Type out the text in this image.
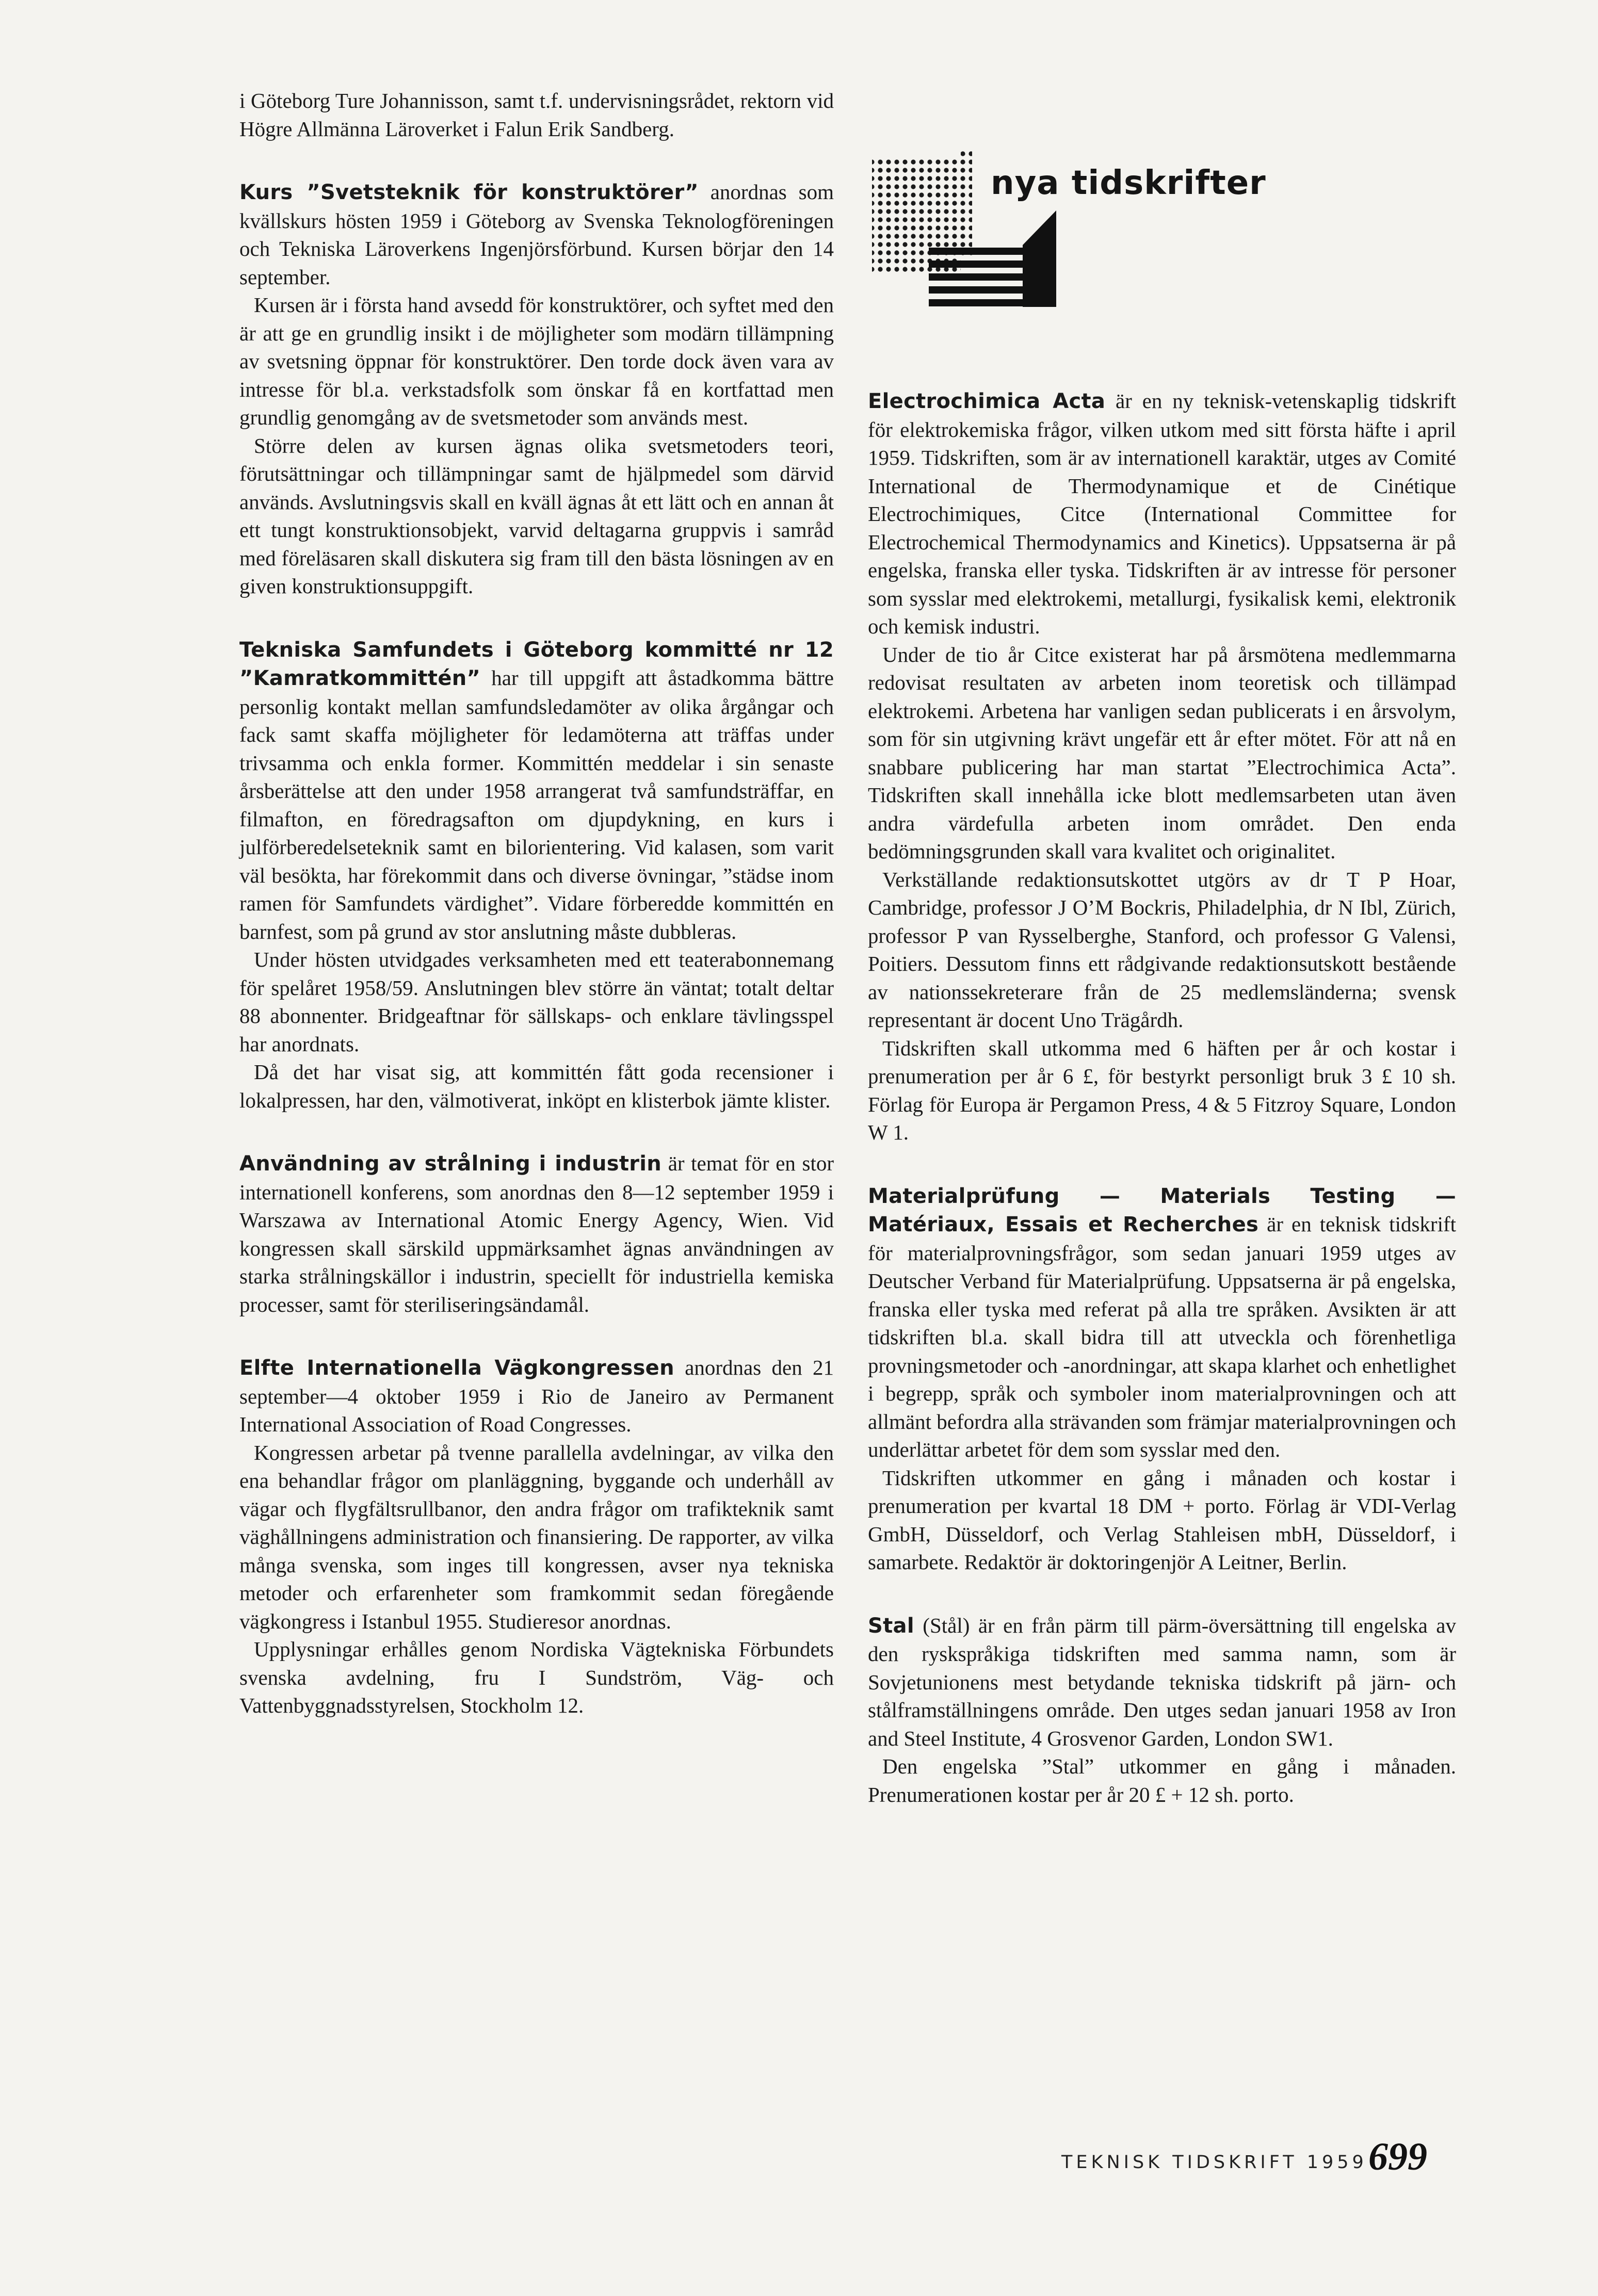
i Göteborg Ture Johannisson, samt t.f. undervisningsrådet, rektorn vid Högre Allmänna Läroverket i Falun Erik Sandberg.

Kurs ”Svetsteknik för konstruktörer” anordnas som kvällskurs hösten 1959 i Göteborg av Svenska Teknologföreningen och Tekniska Läroverkens Ingenjörsförbund. Kursen börjar den 14 september.

Kursen är i första hand avsedd för konstruktörer, och syftet med den är att ge en grundlig insikt i de möjligheter som modärn tillämpning av svetsning öppnar för konstruktörer. Den torde dock även vara av intresse för bl.a. verkstadsfolk som önskar få en kortfattad men grundlig genomgång av de svetsmetoder som används mest.

Större delen av kursen ägnas olika svetsmetoders teori, förutsättningar och tillämpningar samt de hjälpmedel som därvid används. Avslutningsvis skall en kväll ägnas åt ett lätt och en annan åt ett tungt konstruktionsobjekt, varvid deltagarna gruppvis i samråd med föreläsaren skall diskutera sig fram till den bästa lösningen av en given konstruktionsuppgift.

Tekniska Samfundets i Göteborg kommitté nr 12 ”Kamratkommittén” har till uppgift att åstadkomma bättre personlig kontakt mellan samfundsledamöter av olika årgångar och fack samt skaffa möjligheter för ledamöterna att träffas under trivsamma och enkla former. Kommittén meddelar i sin senaste årsberättelse att den under 1958 arrangerat två samfundsträffar, en filmafton, en föredragsafton om djupdykning, en kurs i julförberedelseteknik samt en bilorientering. Vid kalasen, som varit väl besökta, har förekommit dans och diverse övningar, ”städse inom ramen för Samfundets värdighet”. Vidare förberedde kommittén en barnfest, som på grund av stor anslutning måste dubbleras.

Under hösten utvidgades verksamheten med ett teaterabonnemang för spelåret 1958/59. Anslutningen blev större än väntat; totalt deltar 88 abonnenter. Bridgeaftnar för sällskaps- och enklare tävlingsspel har anordnats.

Då det har visat sig, att kommittén fått goda recensioner i lokalpressen, har den, välmotiverat, inköpt en klisterbok jämte klister.

Användning av strålning i industrin är temat för en stor internationell konferens, som anordnas den 8—12 september 1959 i Warszawa av International Atomic Energy Agency, Wien. Vid kongressen skall särskild uppmärksamhet ägnas användningen av starka strålningskällor i industrin, speciellt för industriella kemiska processer, samt för steriliseringsändamål.

Elfte Internationella Vägkongressen anordnas den 21 september—4 oktober 1959 i Rio de Janeiro av Permanent International Association of Road Congresses.

Kongressen arbetar på tvenne parallella avdelningar, av vilka den ena behandlar frågor om planläggning, byggande och underhåll av vägar och flygfältsrullbanor, den andra frågor om trafikteknik samt väghållningens administration och finansiering. De rapporter, av vilka många svenska, som inges till kongressen, avser nya tekniska metoder och erfarenheter som framkommit sedan föregående vägkongress i Istanbul 1955. Studieresor anordnas.

Upplysningar erhålles genom Nordiska Vägtekniska Förbundets svenska avdelning, fru I Sundström, Väg- och Vattenbyggnadsstyrelsen, Stockholm 12.

nya tidskrifter

Electrochimica Acta är en ny teknisk-vetenskaplig tidskrift för elektrokemiska frågor, vilken utkom med sitt första häfte i april 1959. Tidskriften, som är av internationell karaktär, utges av Comité International de Thermodynamique et de Cinétique Electrochimiques, Citce (International Committee for Electrochemical Thermodynamics and Kinetics). Uppsatserna är på engelska, franska eller tyska. Tidskriften är av intresse för personer som sysslar med elektrokemi, metallurgi, fysikalisk kemi, elektronik och kemisk industri.

Under de tio år Citce existerat har på årsmötena medlemmarna redovisat resultaten av arbeten inom teoretisk och tillämpad elektrokemi. Arbetena har vanligen sedan publicerats i en årsvolym, som för sin utgivning krävt ungefär ett år efter mötet. För att nå en snabbare publicering har man startat ”Electrochimica Acta”. Tidskriften skall innehålla icke blott medlemsarbeten utan även andra värdefulla arbeten inom området. Den enda bedömningsgrunden skall vara kvalitet och originalitet.

Verkställande redaktionsutskottet utgörs av dr T P Hoar, Cambridge, professor J O’M Bockris, Philadelphia, dr N Ibl, Zürich, professor P van Rysselberghe, Stanford, och professor G Valensi, Poitiers. Dessutom finns ett rådgivande redaktionsutskott bestående av nationssekreterare från de 25 medlemsländerna; svensk representant är docent Uno Trägårdh.

Tidskriften skall utkomma med 6 häften per år och kostar i prenumeration per år 6 £, för bestyrkt personligt bruk 3 £ 10 sh. Förlag för Europa är Pergamon Press, 4 & 5 Fitzroy Square, London W 1.

Materialprüfung — Materials Testing — Matériaux, Essais et Recherches är en teknisk tidskrift för materialprovningsfrågor, som sedan januari 1959 utges av Deutscher Verband für Materialprüfung. Uppsatserna är på engelska, franska eller tyska med referat på alla tre språken. Avsikten är att tidskriften bl.a. skall bidra till att utveckla och förenhetliga provningsmetoder och -anordningar, att skapa klarhet och enhetlighet i begrepp, språk och symboler inom materialprovningen och att allmänt befordra alla strävanden som främjar materialprovningen och underlättar arbetet för dem som sysslar med den.

Tidskriften utkommer en gång i månaden och kostar i prenumeration per kvartal 18 DM + porto. Förlag är VDI-Verlag GmbH, Düsseldorf, och Verlag Stahleisen mbH, Düsseldorf, i samarbete. Redaktör är doktoringenjör A Leitner, Berlin.

Stal (Stål) är en från pärm till pärm-översättning till engelska av den ryskspråkiga tidskriften med samma namn, som är Sovjetunionens mest betydande tekniska tidskrift på järn- och stålframställningens område. Den utges sedan januari 1958 av Iron and Steel Institute, 4 Grosvenor Garden, London SW1.

Den engelska ”Stal” utkommer en gång i månaden. Prenumerationen kostar per år 20 £ + 12 sh. porto.

TEKNISK TIDSKRIFT 1959 699
